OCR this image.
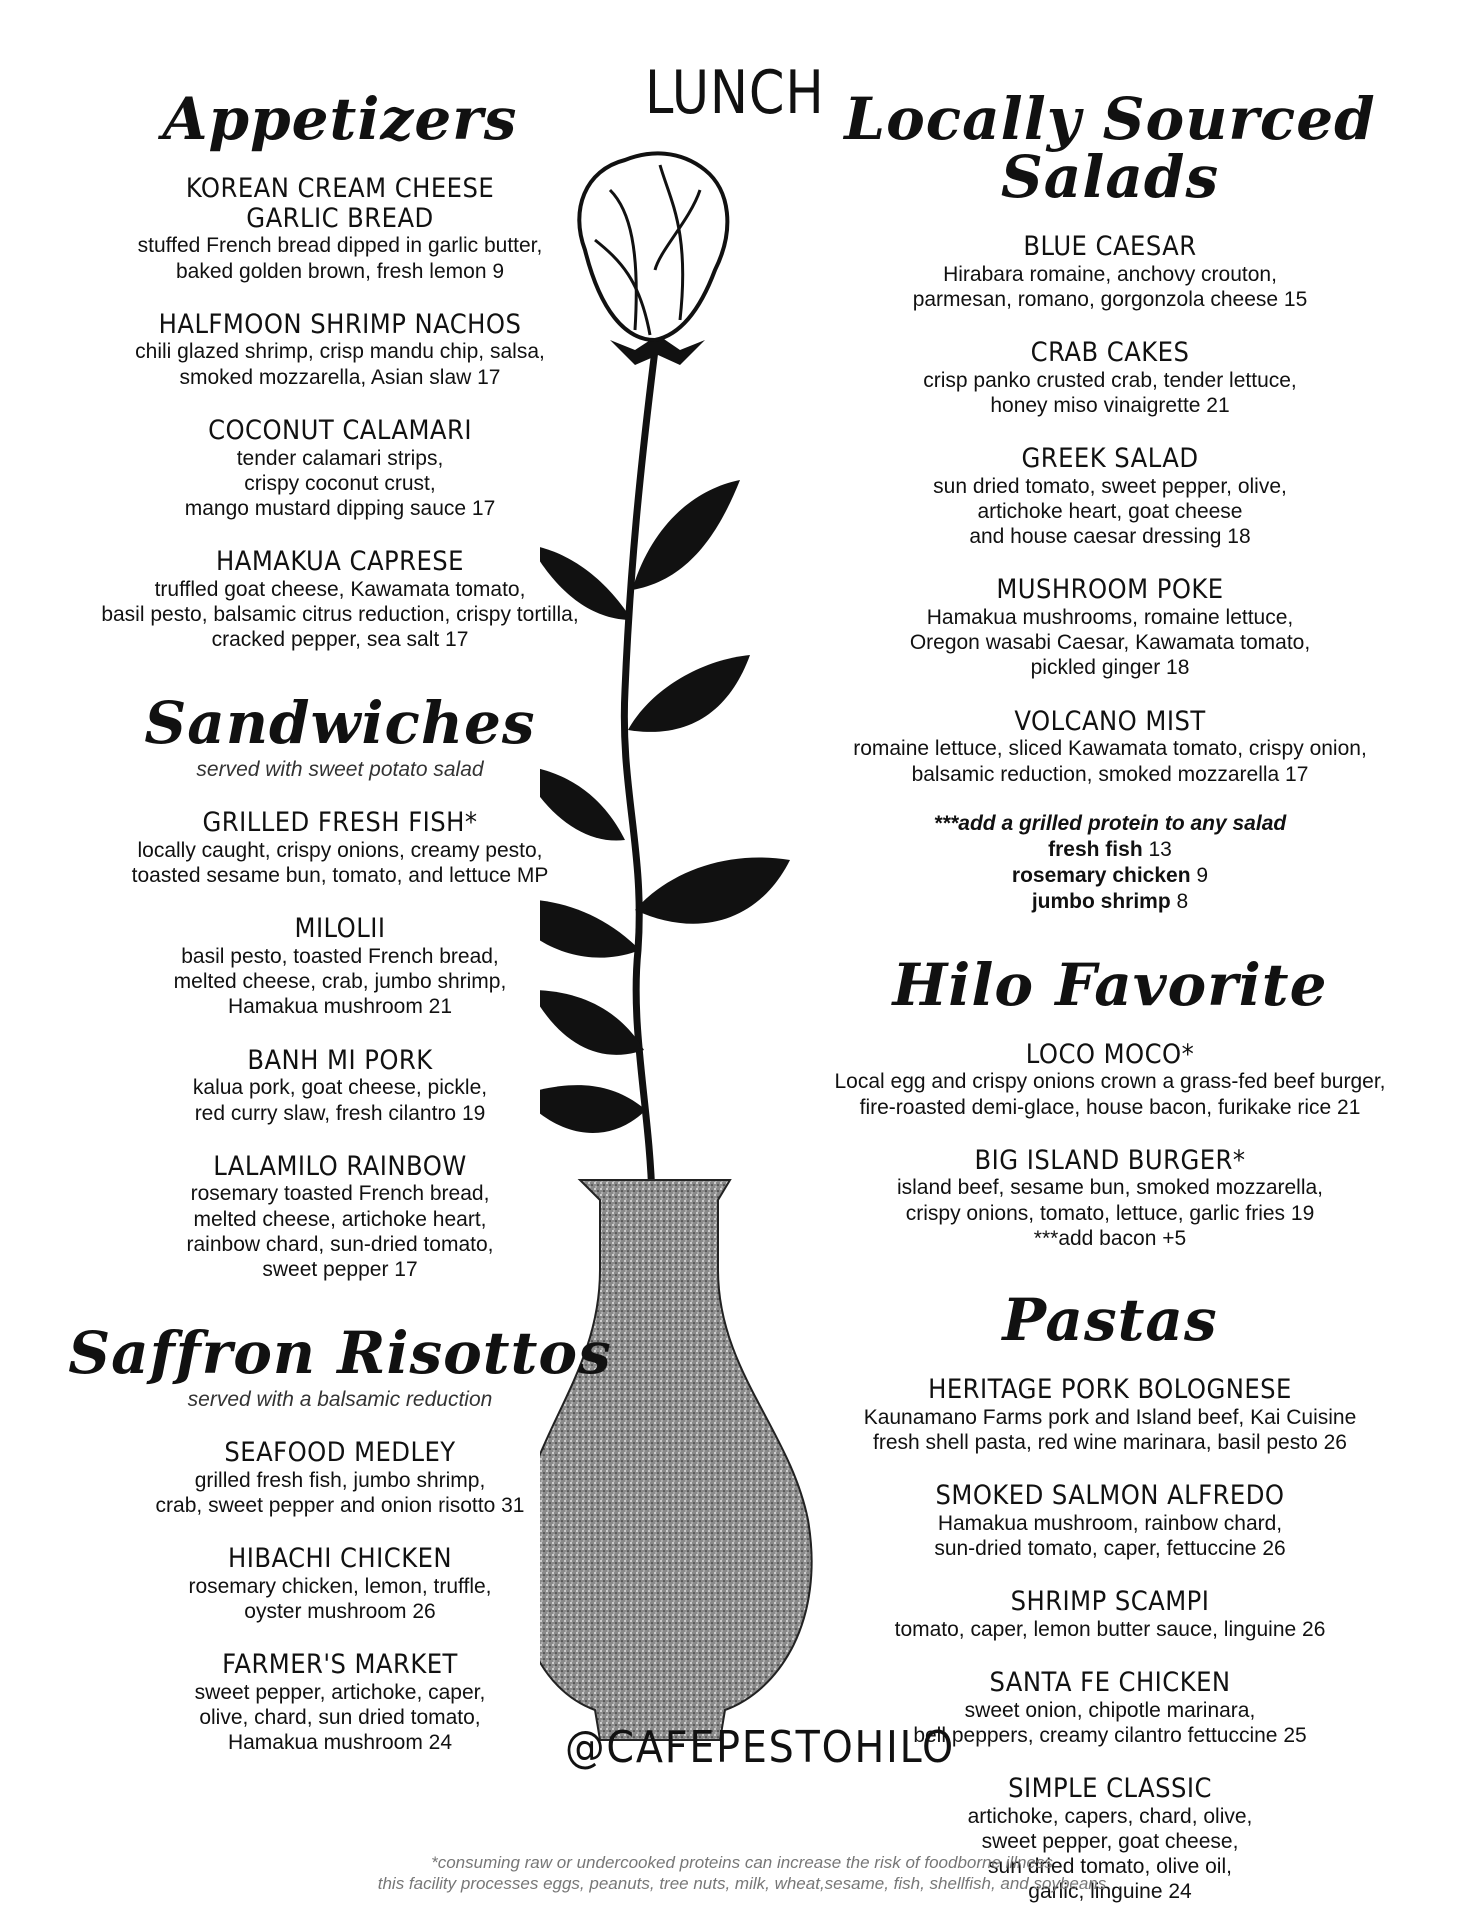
LUNCH
Appetizers
KOREAN CREAM CHEESE
GARLIC BREAD
stuffed French bread dipped in garlic butter,
baked golden brown, fresh lemon 9
HALFMOON SHRIMP NACHOS
chili glazed shrimp, crisp mandu chip, salsa,
smoked mozzarella, Asian slaw 17
COCONUT CALAMARI
tender calamari strips,
crispy coconut crust,
mango mustard dipping sauce 17
HAMAKUA CAPRESE
truffled goat cheese, Kawamata tomato,
basil pesto, balsamic citrus reduction, crispy tortilla,
cracked pepper, sea salt 17
Sandwiches

served with sweet potato salad

GRILLED FRESH FISH*
locally caught, crispy onions, creamy pesto,
toasted sesame bun, tomato, and lettuce MP
MILOLII
basil pesto, toasted French bread,
melted cheese, crab, jumbo shrimp,
Hamakua mushroom 21
BANH MI PORK
kalua pork, goat cheese, pickle,
red curry slaw, fresh cilantro 19
LALAMILO RAINBOW
rosemary toasted French bread,
melted cheese, artichoke heart,
rainbow chard, sun-dried tomato,
sweet pepper 17
Saffron Risottos

served with a balsamic reduction

SEAFOOD MEDLEY
grilled fresh fish, jumbo shrimp,
crab, sweet pepper and onion risotto 31
HIBACHI CHICKEN
rosemary chicken, lemon, truffle,
oyster mushroom 26
FARMER'S MARKET
sweet pepper, artichoke, caper,
olive, chard, sun dried tomato,
Hamakua mushroom 24
Locally Sourced Salads
BLUE CAESAR
Hirabara romaine, anchovy crouton,
parmesan, romano, gorgonzola cheese 15
CRAB CAKES
crisp panko crusted crab, tender lettuce,
honey miso vinaigrette 21
GREEK SALAD
sun dried tomato, sweet pepper, olive,
artichoke heart, goat cheese
and house caesar dressing 18
MUSHROOM POKE
Hamakua mushrooms, romaine lettuce,
Oregon wasabi Caesar, Kawamata tomato,
pickled ginger 18
VOLCANO MIST
romaine lettuce, sliced Kawamata tomato, crispy onion,
balsamic reduction, smoked mozzarella 17
***add a grilled protein to any salad
fresh fish 13
rosemary chicken 9
jumbo shrimp 8
Hilo Favorite
LOCO MOCO*
Local egg and crispy onions crown a grass-fed beef burger,
fire-roasted demi-glace, house bacon, furikake rice 21
BIG ISLAND BURGER*
island beef, sesame bun, smoked mozzarella,
crispy onions, tomato, lettuce, garlic fries 19
***add bacon +5
Pastas
HERITAGE PORK BOLOGNESE
Kaunamano Farms pork and Island beef, Kai Cuisine
fresh shell pasta, red wine marinara, basil pesto 26
SMOKED SALMON ALFREDO
Hamakua mushroom, rainbow chard,
sun-dried tomato, caper, fettuccine 26
SHRIMP SCAMPI
tomato, caper, lemon butter sauce, linguine 26
SANTA FE CHICKEN
sweet onion, chipotle marinara,
bell peppers, creamy cilantro fettuccine 25
SIMPLE CLASSIC
artichoke, capers, chard, olive,
sweet pepper, goat cheese,
sun dried tomato, olive oil,
garlic, linguine 24
@CAFEPESTOHILO
*consuming raw or undercooked proteins can increase the risk of foodborne illness
this facility processes eggs, peanuts, tree nuts, milk, wheat,sesame, fish, shellfish, and soybeans
